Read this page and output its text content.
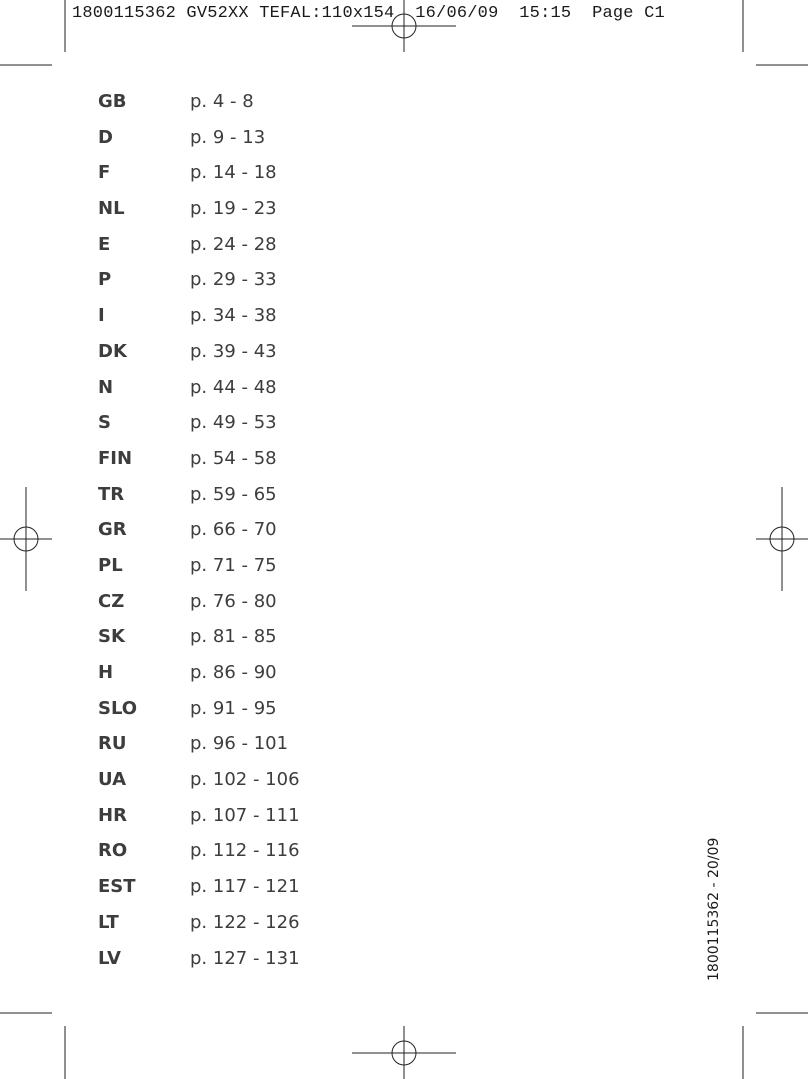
1800115362 GV52XX TEFAL:110x154  16/06/09  15:15  Page C1
GB	p. 4 - 8
D	p. 9 - 13
F	p. 14 - 18
NL	p. 19 - 23
E	p. 24 - 28
P	p. 29 - 33
I	p. 34 - 38
DK	p. 39 - 43
N	p. 44 - 48
S	p. 49 - 53
FIN	p. 54 - 58
TR	p. 59 - 65
GR	p. 66 - 70
PL	p. 71 - 75
CZ	p. 76 - 80
SK	p. 81 - 85
H	p. 86 - 90
SLO	p. 91 - 95
RU	p. 96 - 101
UA	p. 102 - 106
HR	p. 107 - 111
RO	p. 112 - 116
EST	p. 117 - 121
LT	p. 122 - 126
LV	p. 127 - 131	1800115362 - 20/09
